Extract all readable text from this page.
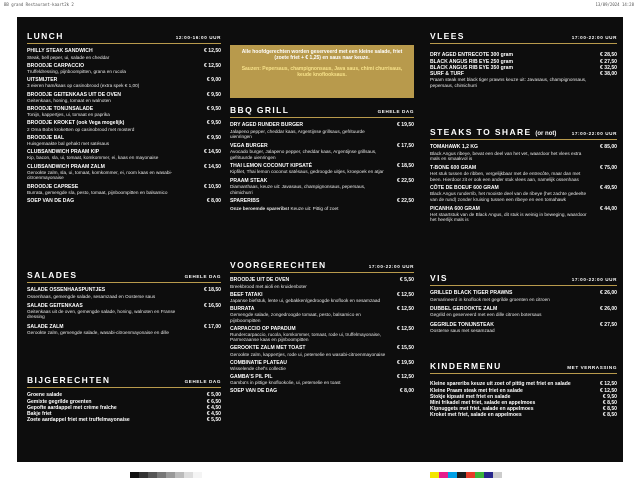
BB grand Restaurant-kaart2k 2	13/09/2024 14:28
LUNCH	12:00-16:00 UUR
PHILLY STEAK SANDWICH	€ 12,50
Steak, bell peper, ui, salade en cheddar
BROODJE CARPACCIO	€ 12,50
Truffeldressing, pijnboompitten, grana en rucola
UITSMIJTER	€ 9,00
3 eieren ham/kaas op casinobrood (extra spek € 1,00)
BROODJE GEITENKAAS UIT DE OVEN	€ 9,50
Geitenkaas, honing, tomaat en walnoten
BROODJE TONIJNSALADE	€ 9,50
Tonijn, kappertjes, ui, tomaat en paprika
BROODJE KROKET (ook Vega mogelijk)	€ 9,50
2 Oma Bobs kroketten op casinobrood met mosterd
BROODJE BAL	€ 9,50
Huisgemaakte bal gehakt met satésaus
CLUBSANDWICH PRAAM KIP	€ 14,50
Kip, bacon, sla, ui, tomaat, komkommer, ei, kaas en mayonaise
CLUBSANDWICH PRAAM ZALM	€ 14,50
Gerookte zalm, sla, ui, tomaat, komkommer, ei, room kaas en wasabi-citroenmayonaise
BROODJE CAPRESE	€ 10,50
Burrata, gemengde sla, pesto, tomaat, pijnboompitten en balsamico
SOEP VAN DE DAG	€ 8,00
SALADES	GEHELE DAG
SALADE OSSENHAASPUNTJES	€ 18,50
Ossenhaas, gemengde salade, sesamzaad en Oosterse saus
SALADE GEITENKAAS	€ 16,50
Geitenkaas uit de oven, gemengde salade, honing, walnoten en Franse dressing
SALADE ZALM	€ 17,00
Gerookte zalm, gemengde salade, wasabi-citroenmayonaise en dille
BIJGERECHTEN	GEHELE DAG
Groene salade	€ 5,00
Gemixte gegrilde groenten	€ 6,50
Gepofte aardappel met crème fraîche	€ 4,50
Bakje friet	€ 4,50
Zoete aardappel friet met truffelmayonaise	€ 5,50
Alle hoofdgerechten worden geserveerd met een kleine salade, friet (zoete friet + € 1,25) en saus naar keuze.
Sauzen: Pepersaus, champignonsaus, Java saus, chimi churrisaus, keude knoflooksaus.
BBQ GRILL	GEHELE DAG
DRY AGED RUNDER BURGER	€ 19,50
Jalapeno pepper, cheddar kaas, Argentijnse grillsaus, gefrituurde uienringen
VEGA BURGER	€ 17,50
Avocado burger, Jalapeno pepper, cheddar kaas, Argentijnse grillsaus, gefrituurde uienringen
THAI LEMON COCONUT KIPSATÉ	€ 18,50
Kipfilet, Thai lemon coconut satésaus, gedroogde uitjes, kroepoek en atjar
PRAAM STEAK	€ 22,50
Diamanthaas, keuze uit: Javasaus, champignonsaus, pepersaus, chimichurri
SPARERIBS	€ 22,50
Onze beroemde spareribs! Keuze uit: Pittig of zoet
VOORGERECHTEN	17:00-22:00 UUR
BROODJE UIT DE OVEN	€ 5,50
Breekbrood met aioli en kruidenboter
BEEF TATAKI	€ 12,50
Japanse biefstuk, lente ui, gebakken/gedroogde knoflook en sesamzaad
BURRATA	€ 12,50
Gemengde salade, zongedroogde tomaat, pesto, balsamico en pijnboompitten
CARPACCIO OP PAPADUM	€ 12,50
Rundercarpaccio, rucola, komkommer, tomaat, rode ui, truffelmayonaise, Parmezaanse kaas en pijnboompitten
GEROOKTE ZALM MET TOAST	€ 15,50
Gerookte zalm, kappertjes, rode ui, peterselie en wasabi-citroenmayonaise
COMBINATIE PLATEAU	€ 19,50
Wisselende chef's collectie
GAMBA'S PIL PIL	€ 12,50
Gamba's in pittige knoflookolie, ui, peterselie en toast
SOEP VAN DE DAG	€ 8,00
VLEES	17:00-22:00 UUR
DRY AGED ENTRECOTE 300 gram	€ 28,50
BLACK ANGUS RIB EYE 250 gram	€ 27,50
BLACK ANGUS RIB EYE 350 gram	€ 32,50
SURF & TURF	€ 38,00
Praam steak met black tiger prawns keuze uit: Javasaus, champignonsaus, pepersaus, chimichurri
STEAKS TO SHARE (or not)	17:00-22:00 UUR
TOMAHAWK 1,2 KG	€ 85,00
Black Angus ribeye, bevat een deel van het vet, waardoor het vlees extra mals en smaakvol is
T-BONE 600 GRAM	€ 75,00
Het stuk tussen de ribben, vergelijkbaar met de entrecôte, maar dan met been. Hierdoor zit er ook een ander stuk vlees aan, namelijk ossenhaas
CÔTE DE BOEUF 600 GRAM	€ 49,50
Black Angus runderrib, het mooiste deel van de ribeye (het zachte gedeelte van de rund) zonder kruising tussen een ribeye en een tomahawk
PICANHA 600 GRAM	€ 44,00
Het staartstuk van de Black Angus, dit stuk is weinig in beweging, waardoor het heerlijk mals is
VIS	17:00-22:00 UUR
GRILLED BLACK TIGER PRAWNS	€ 26,00
Gemarineerd in knoflook met gegrilde groenten en citroen
DUBBEL GEROOKTE ZALM	€ 26,00
Gegrild en geserveerd met een dille citroen botersaus
GEGRILDE TONIJNSTEAK	€ 27,50
Oosterse saus met sesamzaad
KINDERMENU	MET VERRASSING
Kleine spareribs keuze uit zoet of pittig met friet en salade	€ 12,50
Kleine Praam steak met friet en salade	€ 12,50
Stokje kipsaté met friet en salade	€ 9,50
Mini frikadel met friet, salade en appelmoes	€ 8,50
Kipnuggets met friet, salade en appelmoes	€ 8,50
Kroket met friet, salade en appelmoes	€ 8,50
